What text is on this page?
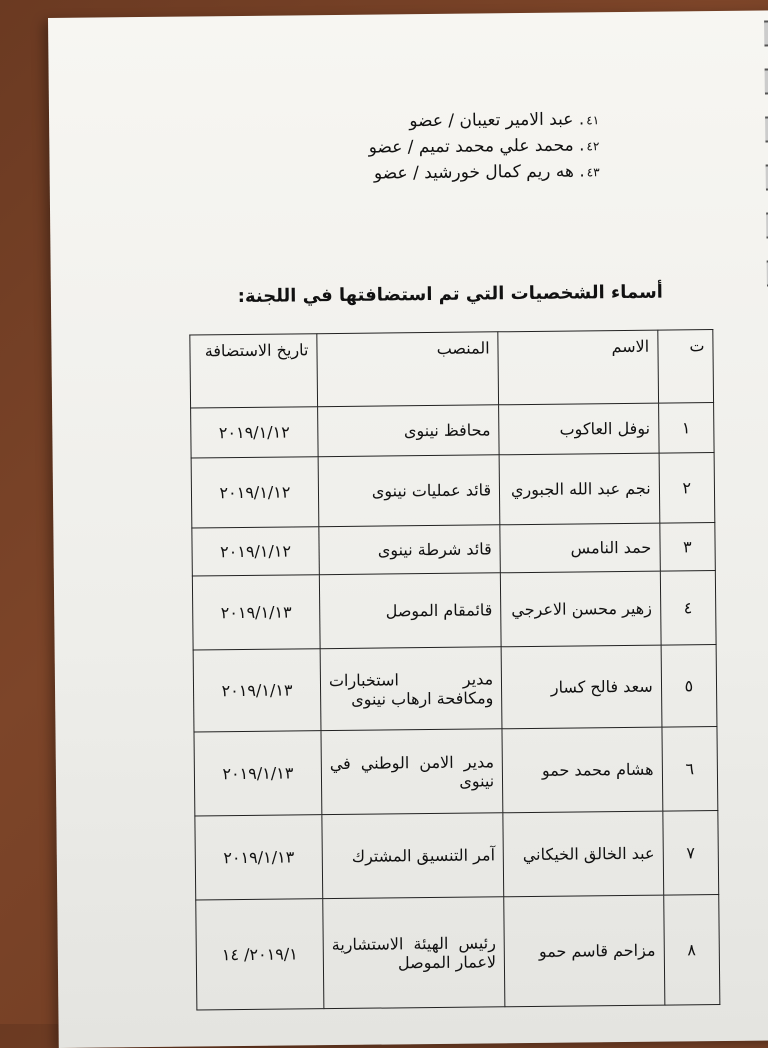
٤١. عبد الامير تعيبان / عضو
٤٢. محمد علي محمد تميم / عضو
٤٣. هه ريم كمال خورشيد / عضو
أسماء الشخصيات التي تم استضافتها في اللجنة:
ت	الاسم	المنصب	تاريخ الاستضافة
١	نوفل العاكوب	محافظ نينوى	٢٠١٩/١/١٢
٢	نجم عبد الله الجبوري	قائد عمليات نينوى	٢٠١٩/١/١٢
٣	حمد النامس	قائد شرطة نينوى	٢٠١٩/١/١٢
٤	زهير محسن الاعرجي	قائمقام الموصل	٢٠١٩/١/١٣
٥	سعد فالح كسار	مدير استخبارات ومكافحة ارهاب نينوى	٢٠١٩/١/١٣
٦	هشام محمد حمو	مدير الامن الوطني في نينوى	٢٠١٩/١/١٣
٧	عبد الخالق الخيكاني	آمر التنسيق المشترك	٢٠١٩/١/١٣
٨	مزاحم قاسم حمو	رئيس الهيئة الاستشارية لاعمار الموصل	٢٠١٩/١/ ١٤
